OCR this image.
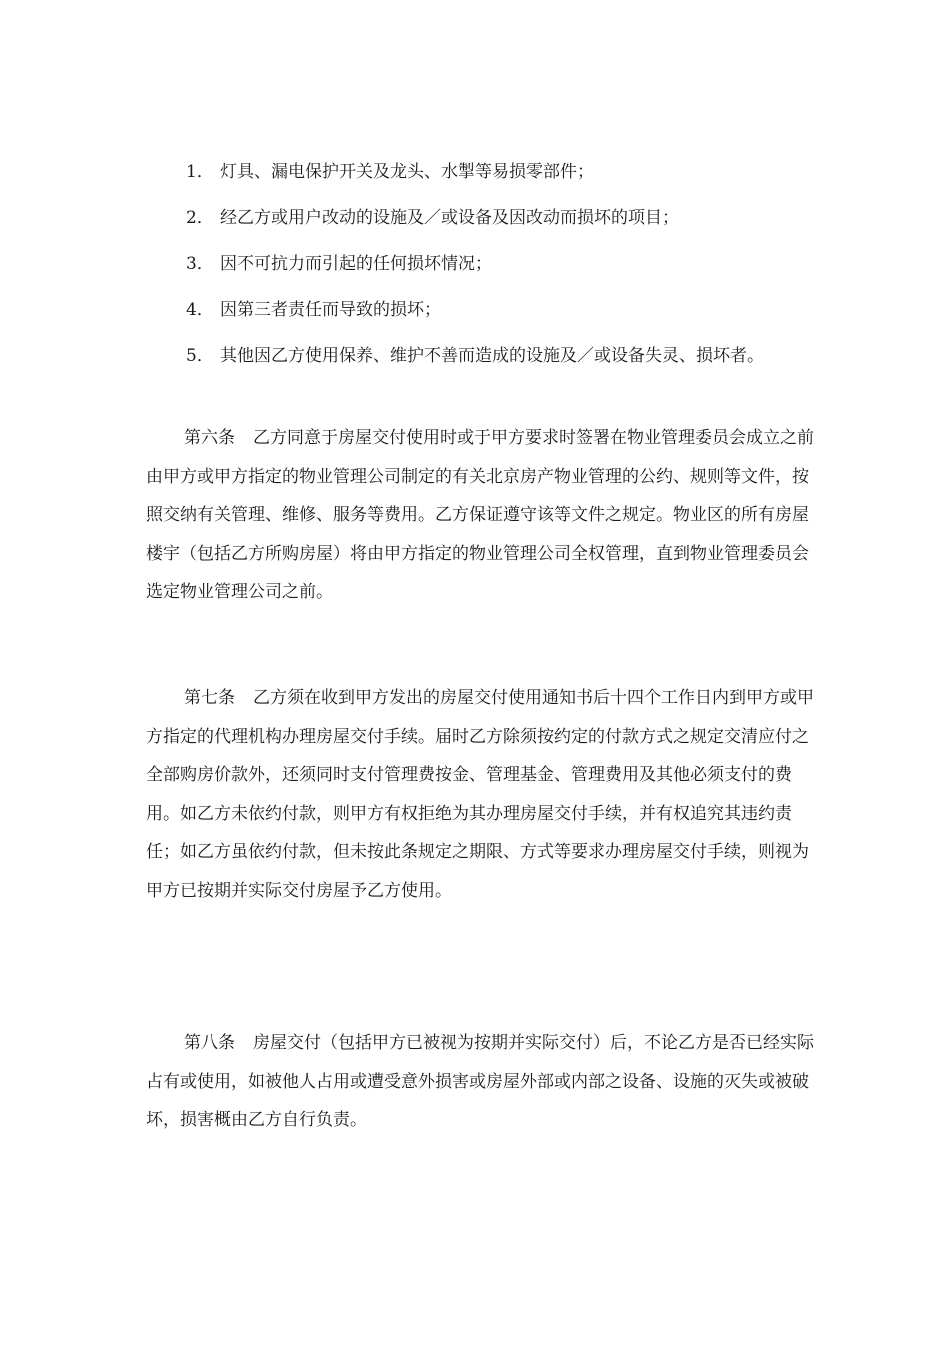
1． 灯具、漏电保护开关及龙头、水掣等易损零部件；
2． 经乙方或用户改动的设施及／或设备及因改动而损坏的项目；
3． 因不可抗力而引起的任何损坏情况；
4． 因第三者责任而导致的损坏；
5． 其他因乙方使用保养、维护不善而造成的设施及／或设备失灵、损坏者。

第六条 乙方同意于房屋交付使用时或于甲方要求时签署在物业管理委员会成立之前由甲方或甲方指定的物业管理公司制定的有关北京房产物业管理的公约、规则等文件，按照交纳有关管理、维修、服务等费用。乙方保证遵守该等文件之规定。物业区的所有房屋楼宇（包括乙方所购房屋）将由甲方指定的物业管理公司全权管理，直到物业管理委员会选定物业管理公司之前。

第七条 乙方须在收到甲方发出的房屋交付使用通知书后十四个工作日内到甲方或甲方指定的代理机构办理房屋交付手续。届时乙方除须按约定的付款方式之规定交清应付之全部购房价款外，还须同时支付管理费按金、管理基金、管理费用及其他必须支付的费用。如乙方未依约付款，则甲方有权拒绝为其办理房屋交付手续，并有权追究其违约责任；如乙方虽依约付款，但未按此条规定之期限、方式等要求办理房屋交付手续，则视为甲方已按期并实际交付房屋予乙方使用。

第八条 房屋交付（包括甲方已被视为按期并实际交付）后，不论乙方是否已经实际占有或使用，如被他人占用或遭受意外损害或房屋外部或内部之设备、设施的灭失或被破坏，损害概由乙方自行负责。
